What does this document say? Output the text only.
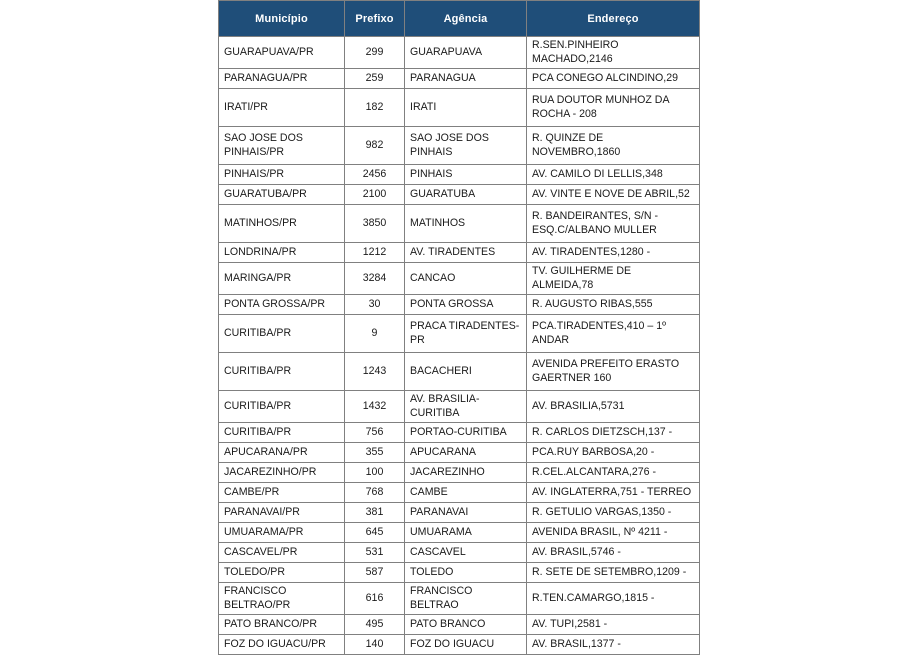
Município	Prefixo	Agência	Endereço
GUARAPUAVA/PR	299	GUARAPUAVA	R.SEN.PINHEIRO MACHADO,2146
PARANAGUA/PR	259	PARANAGUA	PCA CONEGO ALCINDINO,29
IRATI/PR	182	IRATI	RUA DOUTOR MUNHOZ DA ROCHA - 208
SAO JOSE DOS PINHAIS/PR	982	SAO JOSE DOS PINHAIS	R. QUINZE DE NOVEMBRO,1860
PINHAIS/PR	2456	PINHAIS	AV. CAMILO DI LELLIS,348
GUARATUBA/PR	2100	GUARATUBA	AV. VINTE E NOVE DE ABRIL,52
MATINHOS/PR	3850	MATINHOS	R. BANDEIRANTES, S/N - ESQ.C/ALBANO MULLER
LONDRINA/PR	1212	AV. TIRADENTES	AV. TIRADENTES,1280 -
MARINGA/PR	3284	CANCAO	TV. GUILHERME DE ALMEIDA,78
PONTA GROSSA/PR	30	PONTA GROSSA	R. AUGUSTO RIBAS,555
CURITIBA/PR	9	PRACA TIRADENTES-PR	PCA.TIRADENTES,410 – 1º ANDAR
CURITIBA/PR	1243	BACACHERI	AVENIDA PREFEITO ERASTO GAERTNER 160
CURITIBA/PR	1432	AV. BRASILIA-CURITIBA	AV. BRASILIA,5731
CURITIBA/PR	756	PORTAO-CURITIBA	R. CARLOS DIETZSCH,137 -
APUCARANA/PR	355	APUCARANA	PCA.RUY BARBOSA,20 -
JACAREZINHO/PR	100	JACAREZINHO	R.CEL.ALCANTARA,276 -
CAMBE/PR	768	CAMBE	AV. INGLATERRA,751 - TERREO
PARANAVAI/PR	381	PARANAVAI	R. GETULIO VARGAS,1350 -
UMUARAMA/PR	645	UMUARAMA	AVENIDA BRASIL, Nº 4211 -
CASCAVEL/PR	531	CASCAVEL	AV. BRASIL,5746 -
TOLEDO/PR	587	TOLEDO	R. SETE DE SETEMBRO,1209 -
FRANCISCO BELTRAO/PR	616	FRANCISCO BELTRAO	R.TEN.CAMARGO,1815 -
PATO BRANCO/PR	495	PATO BRANCO	AV. TUPI,2581 -
FOZ DO IGUACU/PR	140	FOZ DO IGUACU	AV. BRASIL,1377 -
